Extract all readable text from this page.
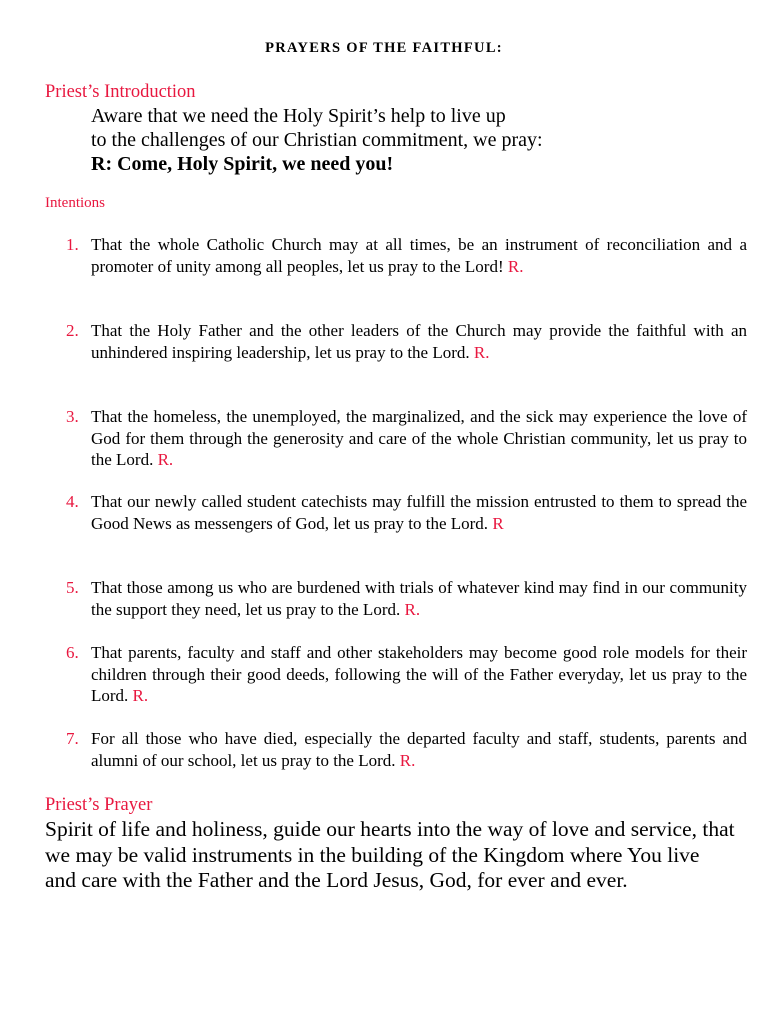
PRAYERS OF THE FAITHFUL:
Priest’s Introduction
Aware that we need the Holy Spirit’s help to live up
to the challenges of our Christian commitment, we pray:
R: Come, Holy Spirit, we need you!
Intentions
1. That the whole Catholic Church may at all times, be an instrument of reconciliation and a promoter of unity among all peoples, let us pray to the Lord! R.
2. That the Holy Father and the other leaders of the Church may provide the faithful with an unhindered inspiring leadership, let us pray to the Lord. R.
3. That the homeless, the unemployed, the marginalized, and the sick may experience the love of God for them through the generosity and care of the whole Christian community, let us pray to the Lord. R.
4. That our newly called student catechists may fulfill the mission entrusted to them to spread the Good News as messengers of God, let us pray to the Lord. R
5. That those among us who are burdened with trials of whatever kind may find in our community the support they need, let us pray to the Lord. R.
6. That parents, faculty and staff and other stakeholders may become good role models for their children through their good deeds, following the will of the Father everyday, let us pray to the Lord. R.
7. For all those who have died, especially the departed faculty and staff, students, parents and alumni of our school, let us pray to the Lord. R.
Priest’s Prayer
Spirit of life and holiness, guide our hearts into the way of love and service, that we may be valid instruments in the building of the Kingdom where You live and care with the Father and the Lord Jesus, God, for ever and ever.
